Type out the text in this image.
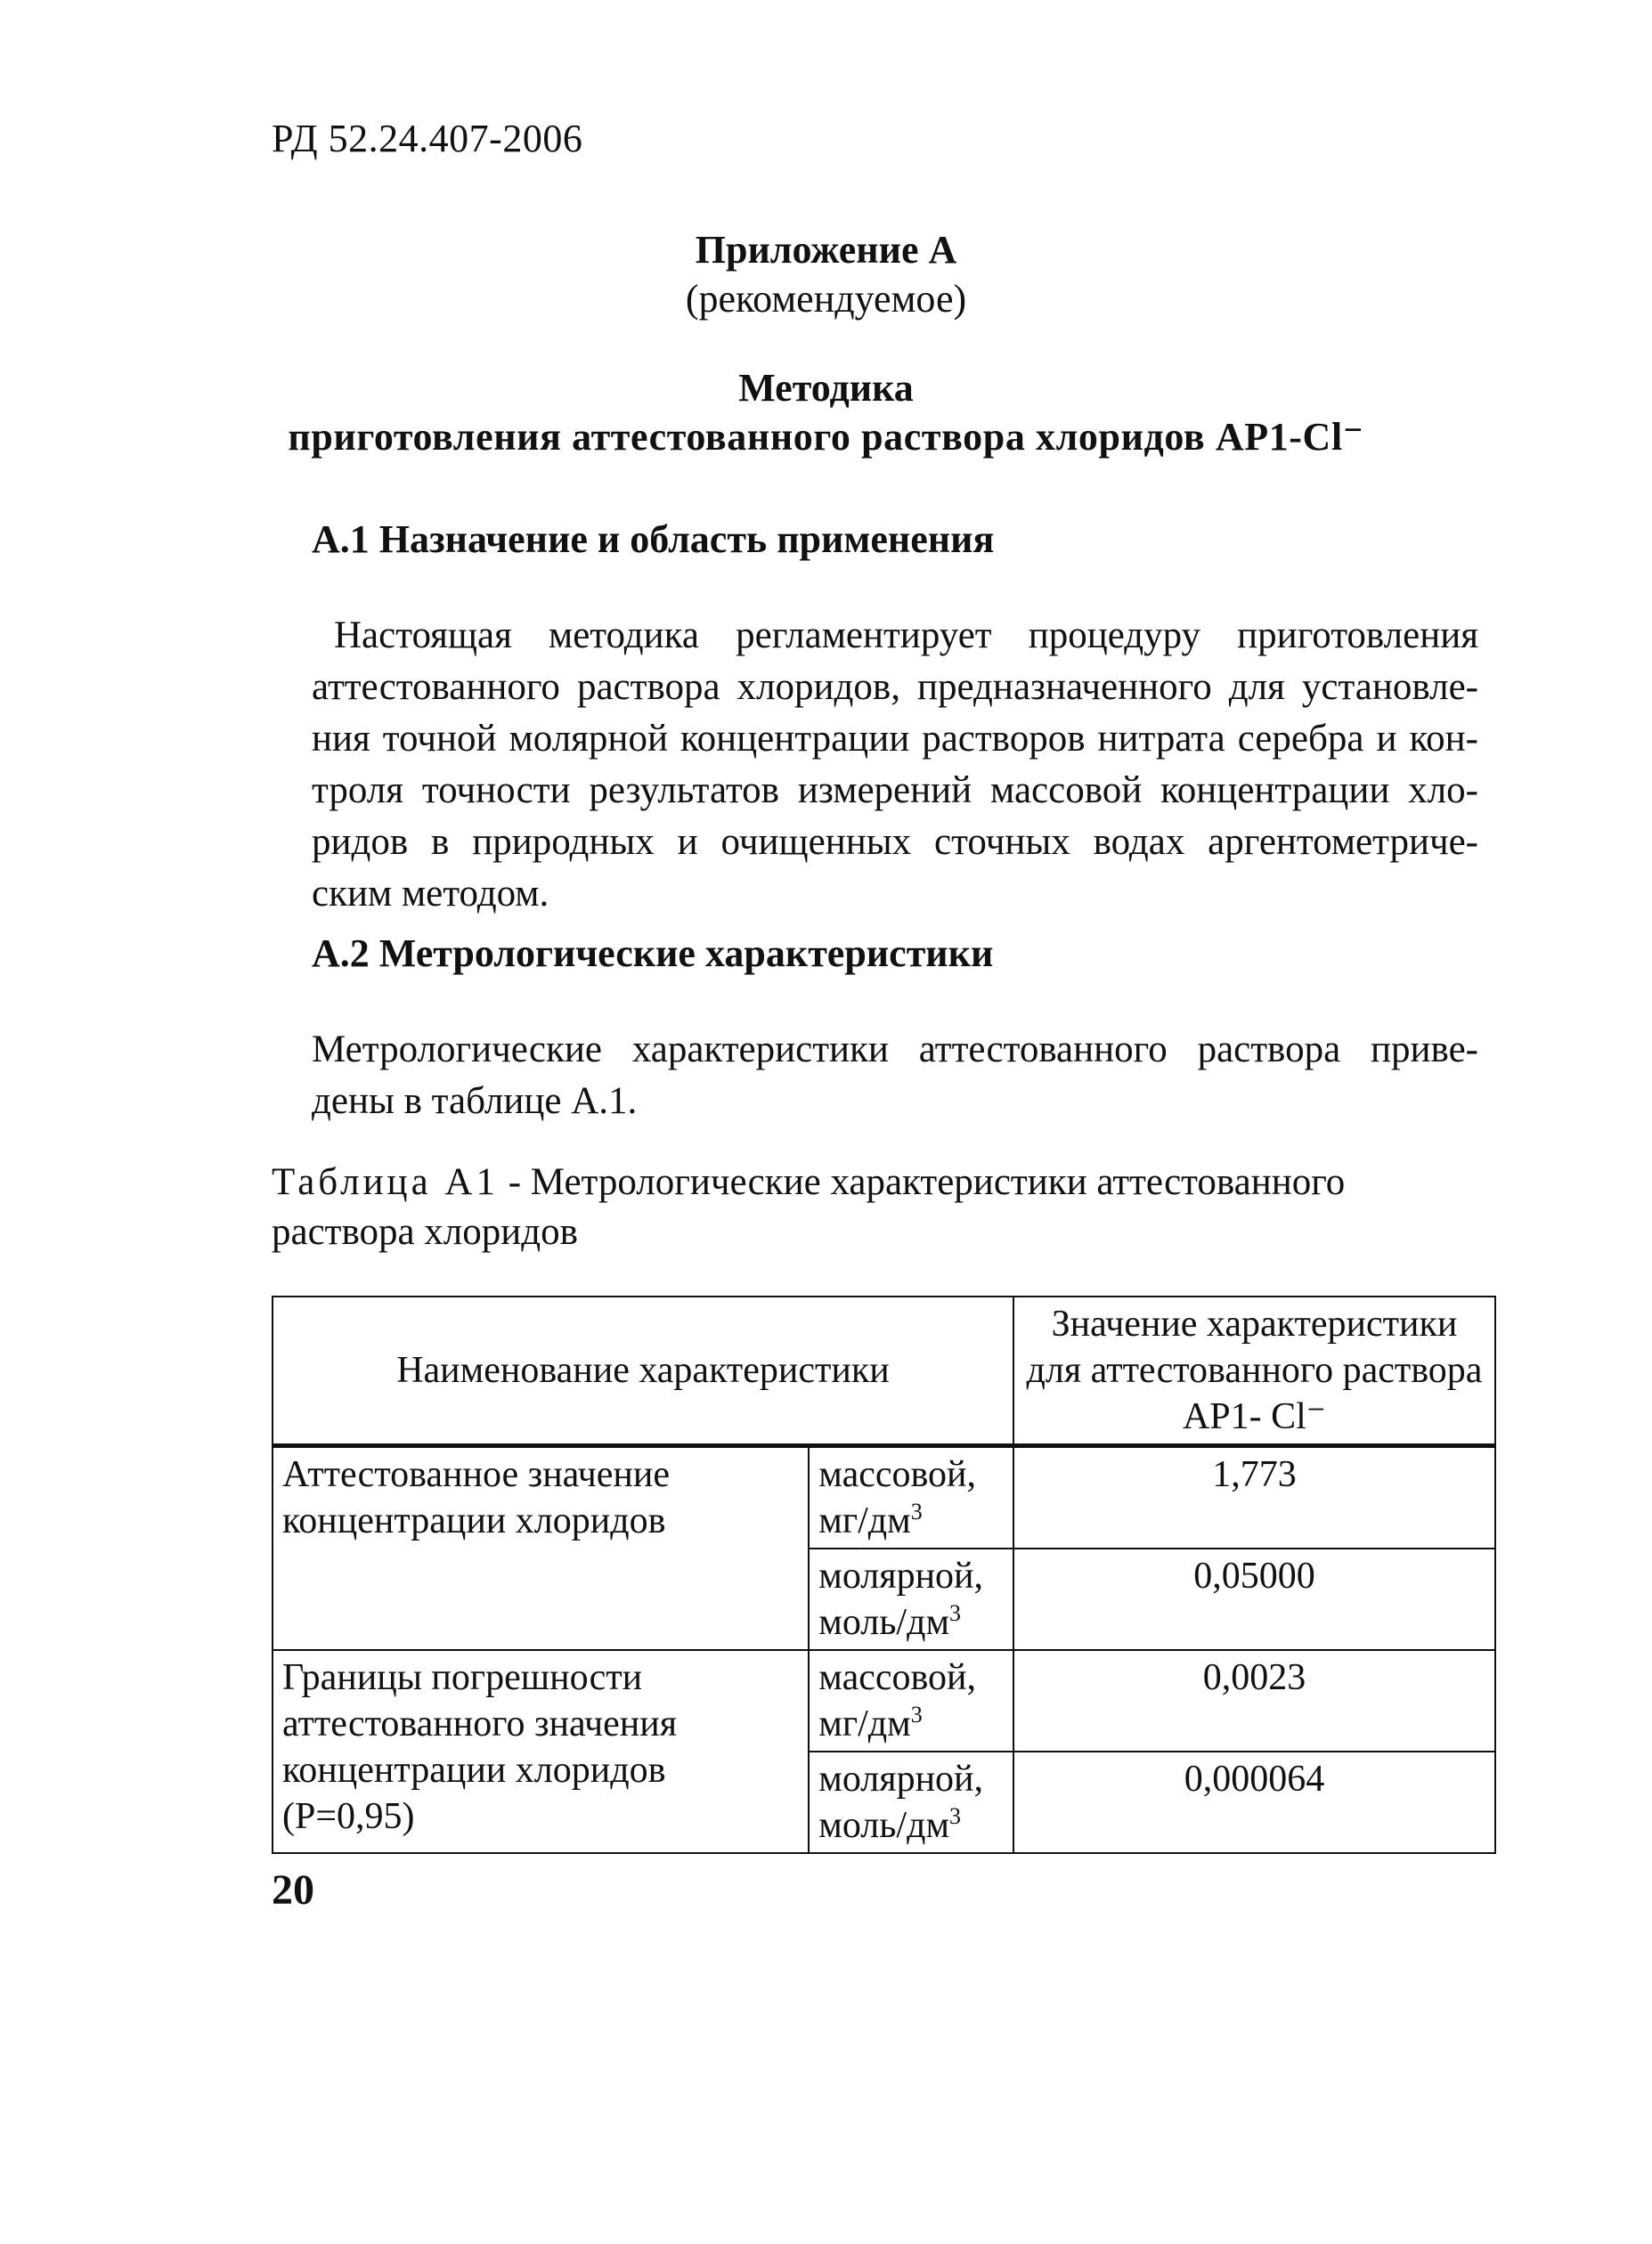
РД 52.24.407-2006
Приложение А
(рекомендуемое)
Методика
приготовления аттестованного раствора хлоридов АР1-Cl⁻
А.1 Назначение и область применения
Настоящая методика регламентирует процедуру приготовления
аттестованного раствора хлоридов, предназначенного для установле-
ния точной молярной концентрации растворов нитрата серебра и кон-
троля точности результатов измерений массовой концентрации хло-
ридов в природных и очищенных сточных водах аргентометриче-
ским методом.
А.2 Метрологические характеристики
Метрологические характеристики аттестованного раствора приве-
дены в таблице А.1.
Таблица А1 - Метрологические характеристики аттестованного
раствора хлоридов
Наименование характеристики		Значение характеристики для аттестованного раствора АР1- Cl⁻
Аттестованное значение концентрации хлоридов	массовой,
$мг/дм^3$	1,773
	молярной,
моль/$дм^3$	0,05000
Границы погрешности аттестованного значения концентрации хлоридов (P=0,95)	массовой,
$мг/дм^3$	0,0023
	молярной,
моль/$дм^3$	0,000064
20
